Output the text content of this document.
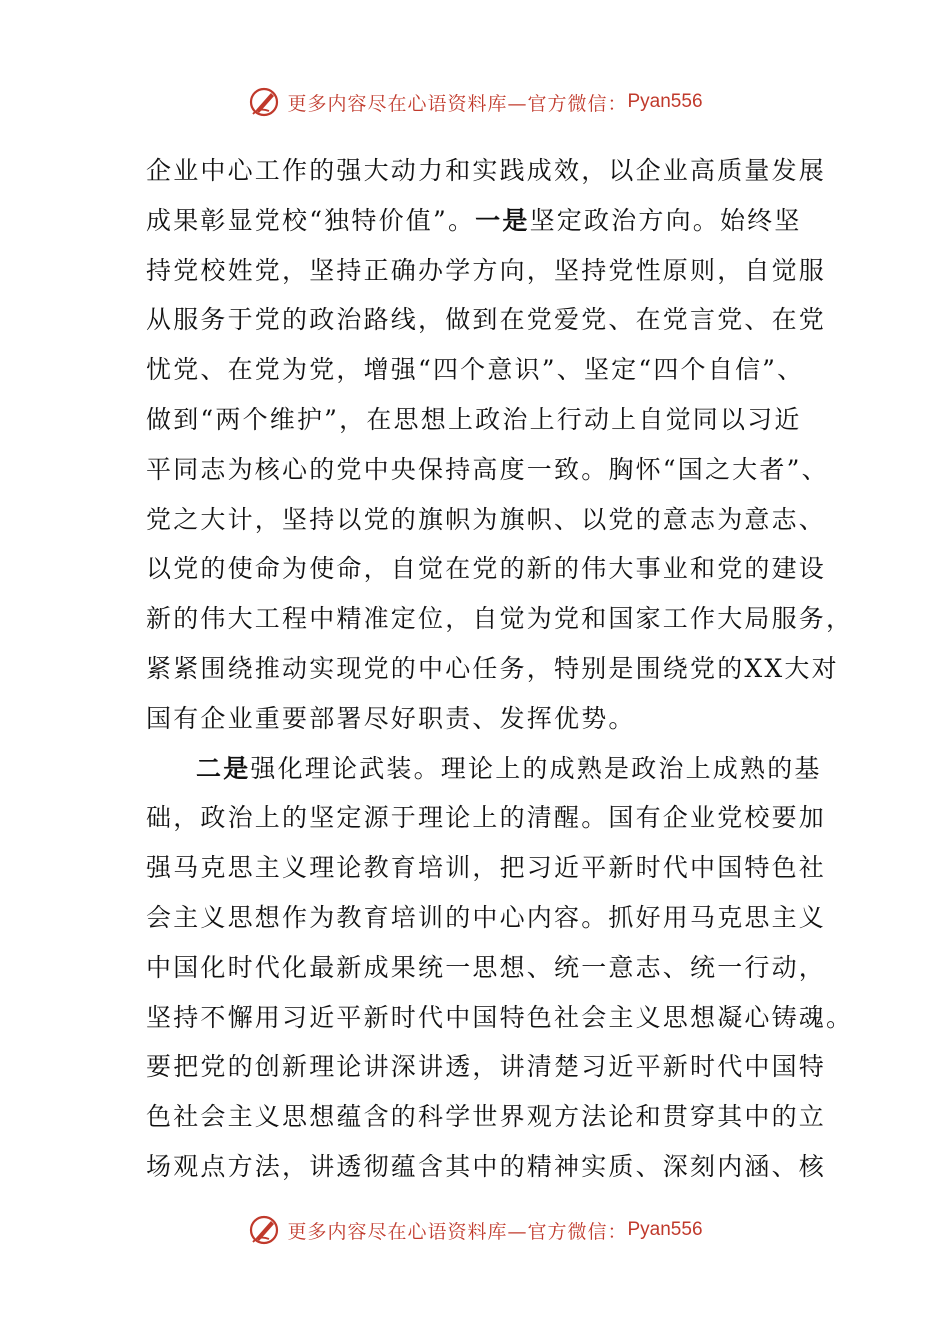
更多内容尽在心语资料库—官方微信： Pyan556
企业中心工作的强大动力和实践成效，以企业高质量发展
成果彰显党校“独特价值”。一是坚定政治方向。始终坚
持党校姓党，坚持正确办学方向，坚持党性原则，自觉服
从服务于党的政治路线，做到在党爱党、在党言党、在党
忧党、在党为党，增强“四个意识”、坚定“四个自信”、
做到“两个维护”，在思想上政治上行动上自觉同以习近
平同志为核心的党中央保持高度一致。胸怀“国之大者”、
党之大计，坚持以党的旗帜为旗帜、以党的意志为意志、
以党的使命为使命，自觉在党的新的伟大事业和党的建设
新的伟大工程中精准定位，自觉为党和国家工作大局服务，
紧紧围绕推动实现党的中心任务，特别是围绕党的XX大对
国有企业重要部署尽好职责、发挥优势。
二是强化理论武装。理论上的成熟是政治上成熟的基
础，政治上的坚定源于理论上的清醒。国有企业党校要加
强马克思主义理论教育培训，把习近平新时代中国特色社
会主义思想作为教育培训的中心内容。抓好用马克思主义
中国化时代化最新成果统一思想、统一意志、统一行动，
坚持不懈用习近平新时代中国特色社会主义思想凝心铸魂。
要把党的创新理论讲深讲透，讲清楚习近平新时代中国特
色社会主义思想蕴含的科学世界观方法论和贯穿其中的立
场观点方法，讲透彻蕴含其中的精神实质、深刻内涵、核
更多内容尽在心语资料库—官方微信： Pyan556
